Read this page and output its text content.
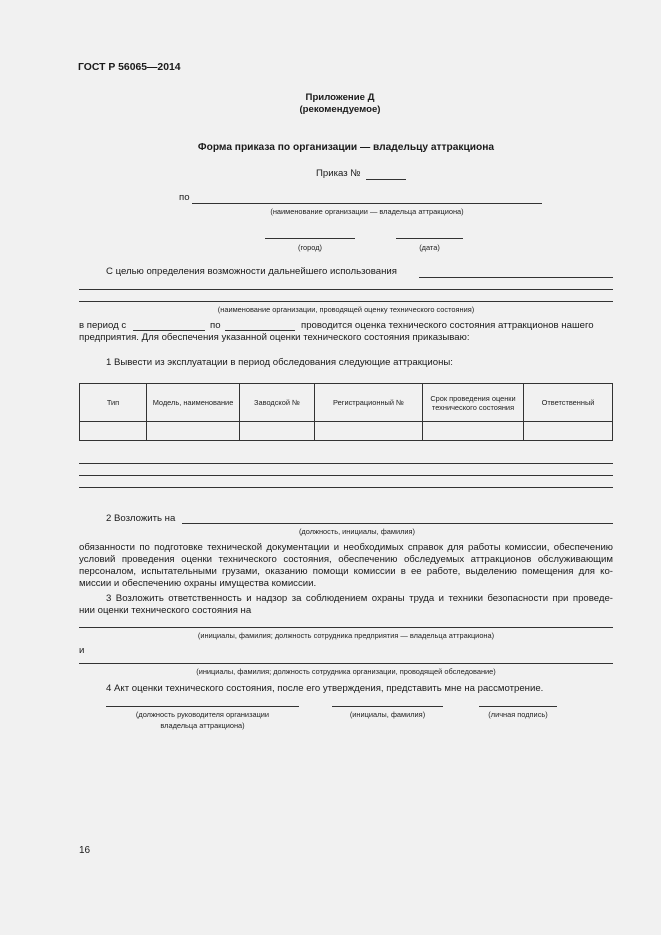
ГОСТ Р 56065—2014
Приложение Д
(рекомендуемое)
Форма приказа по организации — владельцу аттракциона
Приказ №
по
(наименование организации — владельца аттракциона)
(город)	(дата)
С целью определения возможности дальнейшего использования
(наименование организации, проводящей оценку технического состояния)
в период с	по	проводится оценка технического состояния аттракционов нашего
предприятия. Для обеспечения указанной оценки технического состояния приказываю:
1 Вывести из эксплуатации в период обследования следующие аттракционы:
Тип	Модель, наименование	Заводской №	Регистрационный №	Срок проведения оценки технического состояния	Ответственный

2 Возложить на
(должность, инициалы, фамилия)
обязанности по подготовке технической документации и необходимых справок для работы комиссии, обеспечению
условий проведения оценки технического состояния, обеспечению обследуемых аттракционов обслуживающим
персоналом, испытательными грузами, оказанию помощи комиссии в ее работе, выделению помещения для ко-
миссии и обеспечению охраны имущества комиссии.
3 Возложить ответственность и надзор за соблюдением охраны труда и техники безопасности при проведе-
нии оценки технического состояния на
(инициалы, фамилия; должность сотрудника предприятия — владельца аттракциона)
и
(инициалы, фамилия; должность сотрудника организации, проводящей обследование)
4 Акт оценки технического состояния, после его утверждения, представить мне на рассмотрение.
(должность руководителя организации
владельца аттракциона)
(инициалы, фамилия)	(личная подпись)
16
